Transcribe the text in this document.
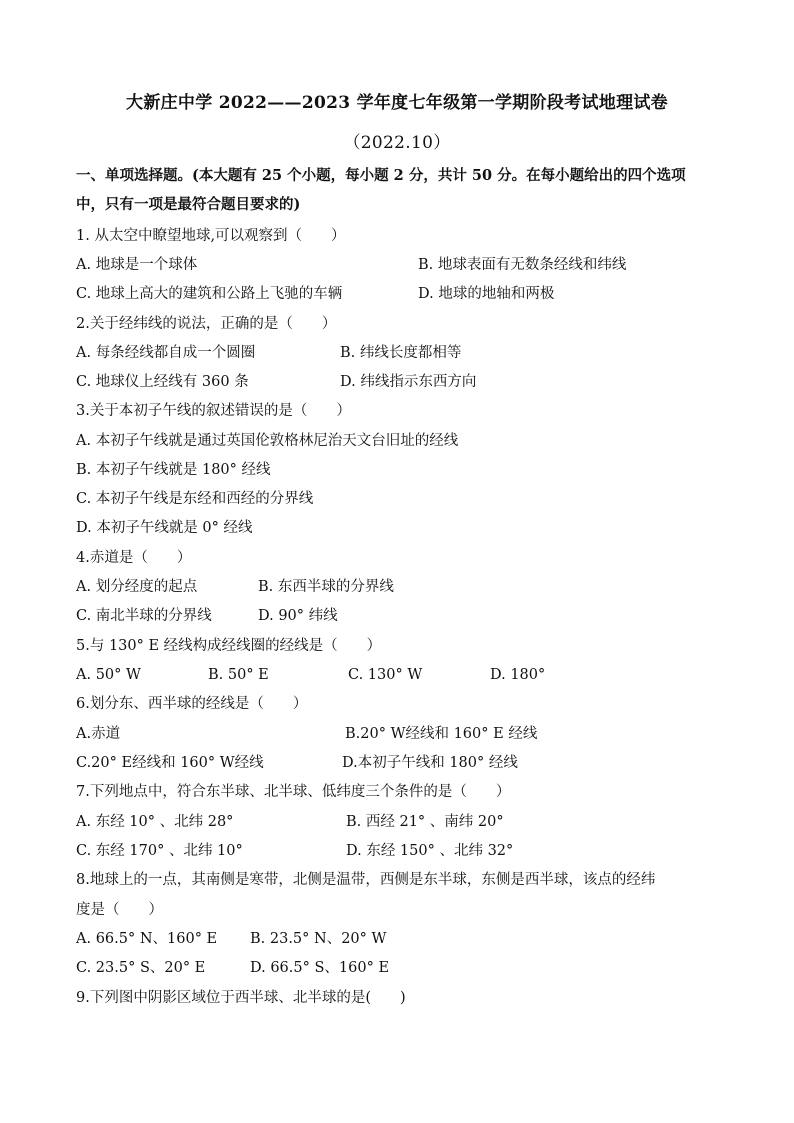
大新庄中学 2022——2023 学年度七年级第一学期阶段考试地理试卷
（2022.10）
一、单项选择题。(本大题有 25 个小题，每小题 2 分，共计 50 分。在每小题给出的四个选项
中，只有一项是最符合题目要求的)
1. 从太空中瞭望地球,可以观察到（　　）
A. 地球是一个球体	B. 地球表面有无数条经线和纬线
C. 地球上高大的建筑和公路上飞驰的车辆	D. 地球的地轴和两极
2.关于经纬线的说法，正确的是（　　）
A. 每条经线都自成一个圆圈	B. 纬线长度都相等
C. 地球仪上经线有 360 条	D. 纬线指示东西方向
3.关于本初子午线的叙述错误的是（　　）
A. 本初子午线就是通过英国伦敦格林尼治天文台旧址的经线
B. 本初子午线就是 180° 经线
C. 本初子午线是东经和西经的分界线
D. 本初子午线就是 0° 经线
4.赤道是（　　）
A. 划分经度的起点	B. 东西半球的分界线
C. 南北半球的分界线	D. 90° 纬线
5.与 130° E 经线构成经线圈的经线是（　　）
A. 50° W	B. 50° E	C. 130° W	D. 180°
6.划分东、西半球的经线是（　　）
A.赤道	B.20° W经线和 160° E 经线
C.20° E经线和 160° W经线	D.本初子午线和 180° 经线
7.下列地点中，符合东半球、北半球、低纬度三个条件的是（　　）
A. 东经 10° 、北纬 28°	B. 西经 21° 、南纬 20°
C. 东经 170° 、北纬 10°	D. 东经 150° 、北纬 32°
8.地球上的一点，其南侧是寒带，北侧是温带，西侧是东半球，东侧是西半球，该点的经纬
度是（　　）
A. 66.5° N、160° E B. 23.5° N、20° W
C. 23.5° S、20° E	D. 66.5° S、160° E
9.下列图中阴影区域位于西半球、北半球的是(　　)
